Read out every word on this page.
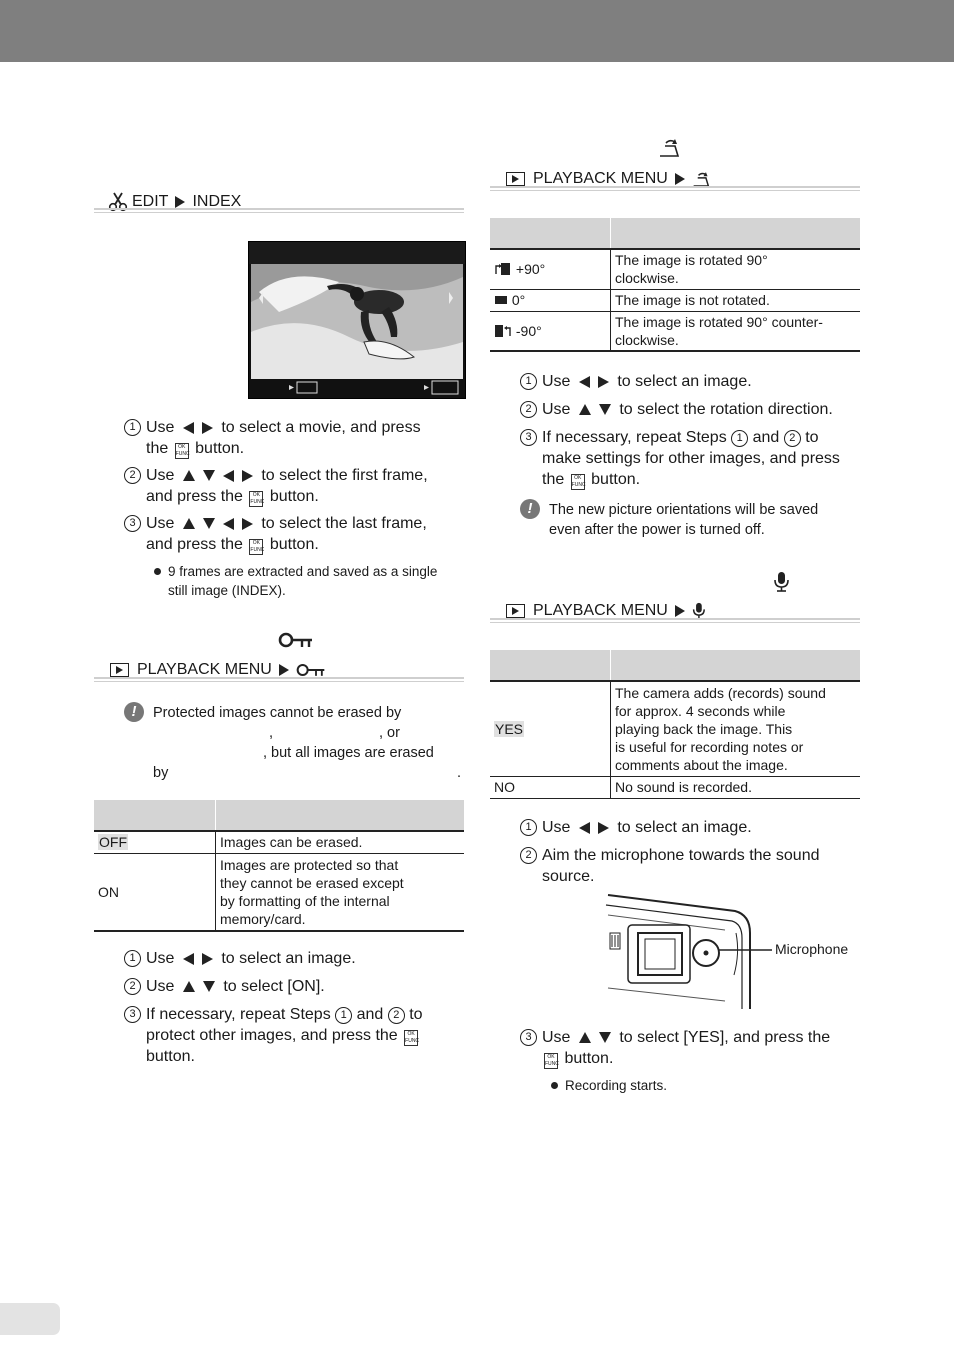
EDIT INDEX
1 Use	to select a movie, and press
the OK
FUNC button.
2 Use	to select the first frame,
and press the OK
FUNC button.
3 Use	to select the last frame,
and press the OK
FUNC button.
9 frames are extracted and saved as a single
still image (INDEX).
PLAYBACK MENU
!	Protected images cannot be erased by
,	, or
, but all images are erased
by	.

OFF	Images can be erased.
ON	Images are protected so that
they cannot be erased except
by formatting of the internal
memory/card.
1 Use	to select an image.
2 Use	to select [ON].
3 If necessary, repeat Steps 1 and 2 to
protect other images, and press the OK
FUNC
button.
PLAYBACK MENU

+90°	The image is rotated 90°
clockwise.
0°	The image is not rotated.
-90°	The image is rotated 90° counter-
clockwise.
1 Use	to select an image.
2 Use	to select the rotation direction.
3 If necessary, repeat Steps 1 and 2 to
make settings for other images, and press
the OK
FUNC button.
!	The new picture orientations will be saved
even after the power is turned off.
PLAYBACK MENU

YES	The camera adds (records) sound
for approx. 4 seconds while
playing back the image. This
is useful for recording notes or
comments about the image.
NO	No sound is recorded.
1 Use	to select an image.
2 Aim the microphone towards the sound
source.
Microphone
3 Use	to select [YES], and press the
OK
FUNC button.
Recording starts.
